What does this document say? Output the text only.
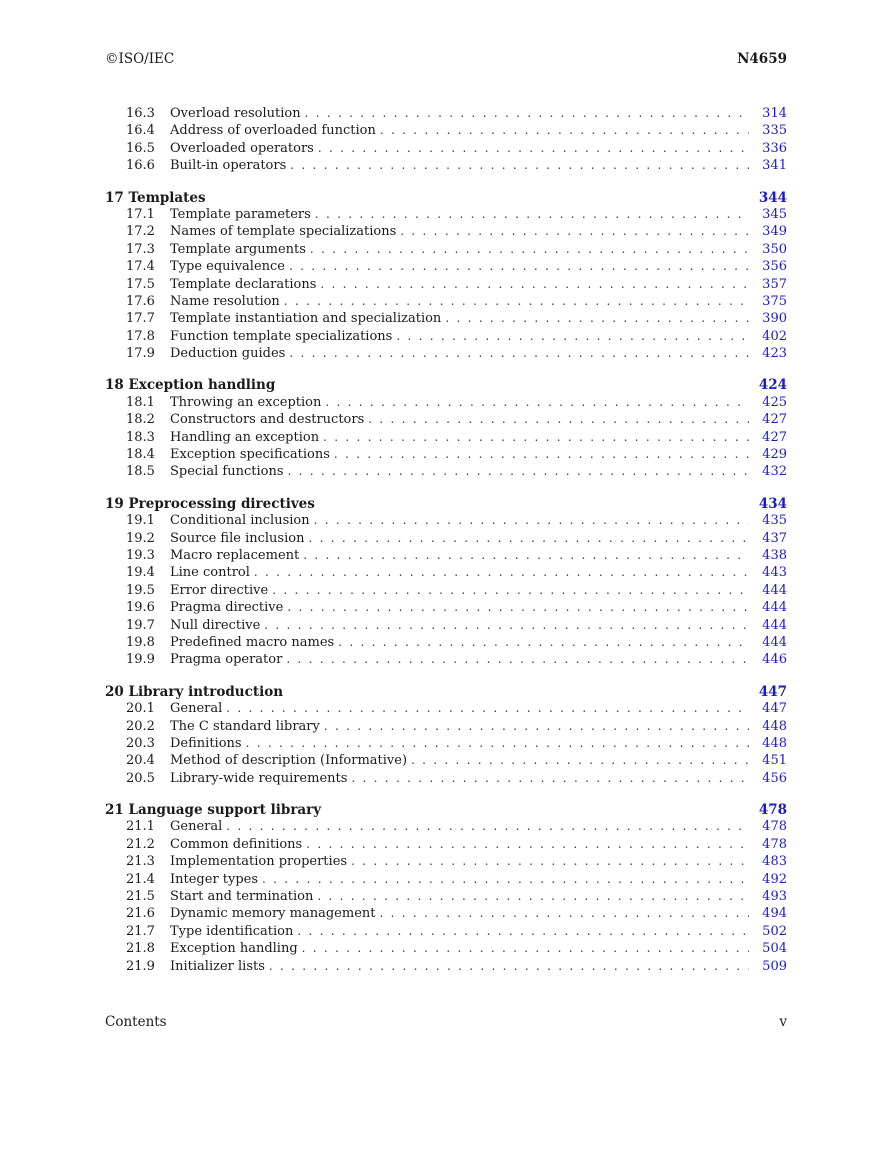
©ISO/IEC	N4659
16.3	Overload resolution . . .	314
16.4	Address of overloaded function . . .	335
16.5	Overloaded operators . . .	336
16.6	Built-in operators . . .	341
17 Templates	344
17.1	Template parameters . . .	345
17.2	Names of template specializations . . .	349
17.3	Template arguments . . .	350
17.4	Type equivalence . . .	356
17.5	Template declarations . . .	357
17.6	Name resolution . . .	375
17.7	Template instantiation and specialization . . .	390
17.8	Function template specializations . . .	402
17.9	Deduction guides . . .	423
18 Exception handling	424
18.1	Throwing an exception . . .	425
18.2	Constructors and destructors . . .	427
18.3	Handling an exception . . .	427
18.4	Exception specifications . . .	429
18.5	Special functions . . .	432
19 Preprocessing directives	434
19.1	Conditional inclusion . . .	435
19.2	Source file inclusion . . .	437
19.3	Macro replacement . . .	438
19.4	Line control . . .	443
19.5	Error directive . . .	444
19.6	Pragma directive . . .	444
19.7	Null directive . . .	444
19.8	Predefined macro names . . .	444
19.9	Pragma operator . . .	446
20 Library introduction	447
20.1	General . . .	447
20.2	The C standard library . . .	448
20.3	Definitions . . .	448
20.4	Method of description (Informative) . . .	451
20.5	Library-wide requirements . . .	456
21 Language support library	478
21.1	General . . .	478
21.2	Common definitions . . .	478
21.3	Implementation properties . . .	483
21.4	Integer types . . .	492
21.5	Start and termination . . .	493
21.6	Dynamic memory management . . .	494
21.7	Type identification . . .	502
21.8	Exception handling . . .	504
21.9	Initializer lists . . .	509
Contents	v
